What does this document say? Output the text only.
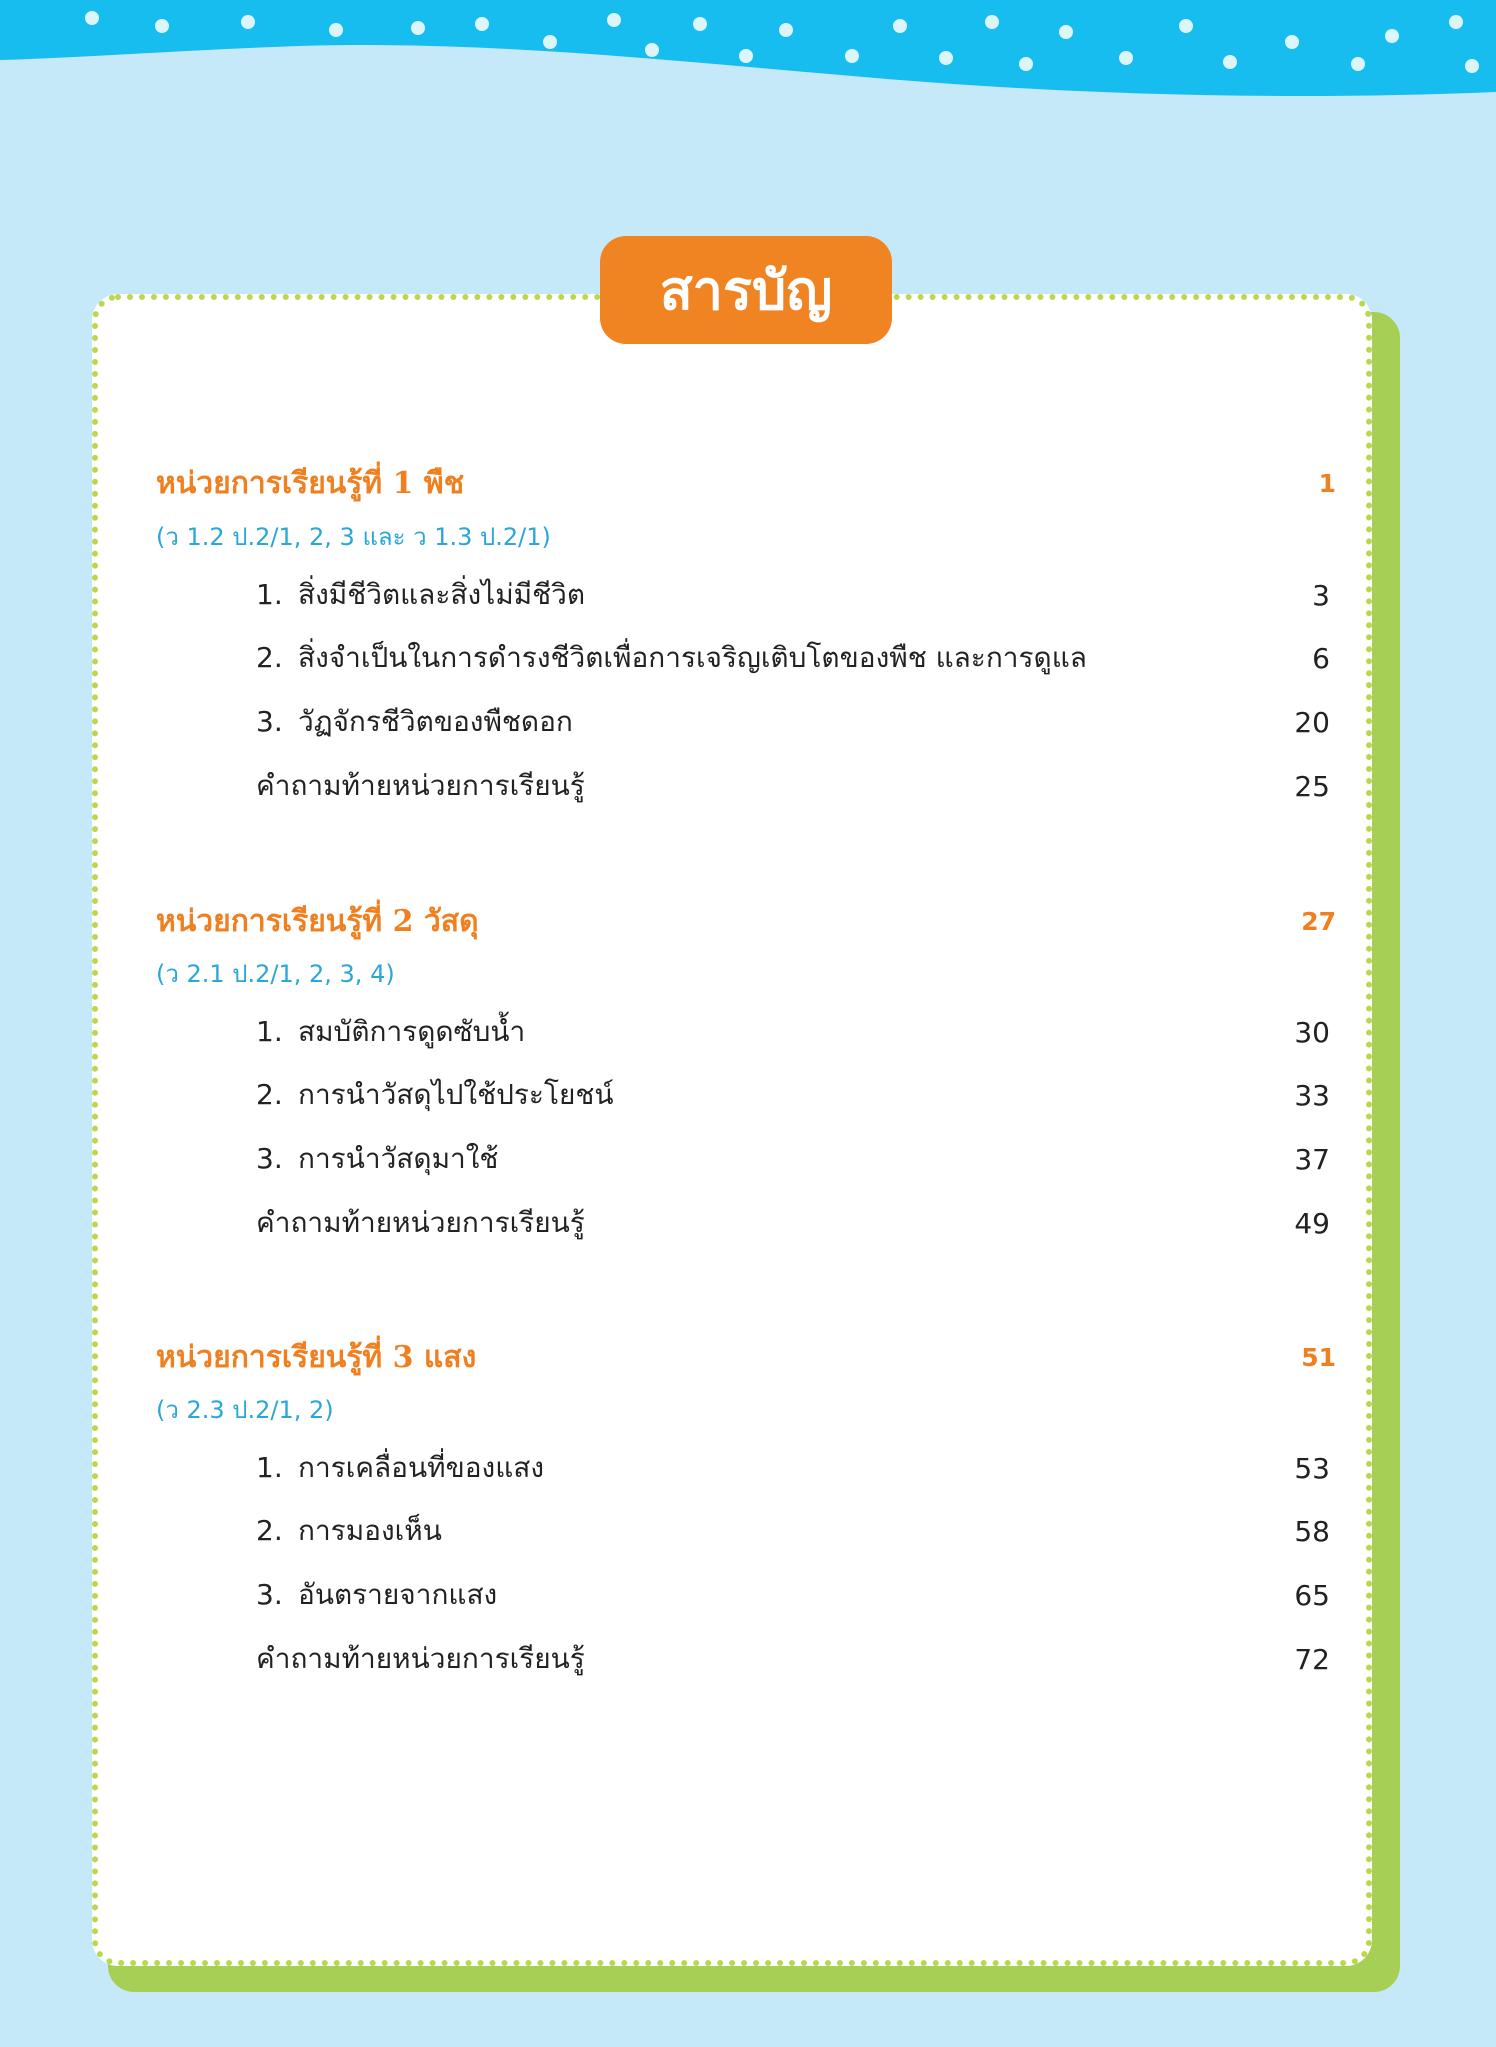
สารบัญ
หน่วยการเรียนรู้ที่ 1 พืช	1
(ว 1.2 ป.2/1, 2, 3 และ ว 1.3 ป.2/1)
1. สิ่งมีชีวิตและสิ่งไม่มีชีวิต	3
2. สิ่งจำเป็นในการดำรงชีวิตเพื่อการเจริญเติบโตของพืช และการดูแล	6
3. วัฏจักรชีวิตของพืชดอก	20
คำถามท้ายหน่วยการเรียนรู้	25
หน่วยการเรียนรู้ที่ 2 วัสดุ	27
(ว 2.1 ป.2/1, 2, 3, 4)
1. สมบัติการดูดซับน้ำ	30
2. การนำวัสดุไปใช้ประโยชน์	33
3. การนำวัสดุมาใช้	37
คำถามท้ายหน่วยการเรียนรู้	49
หน่วยการเรียนรู้ที่ 3 แสง	51
(ว 2.3 ป.2/1, 2)
1. การเคลื่อนที่ของแสง	53
2. การมองเห็น	58
3. อันตรายจากแสง	65
คำถามท้ายหน่วยการเรียนรู้	72
